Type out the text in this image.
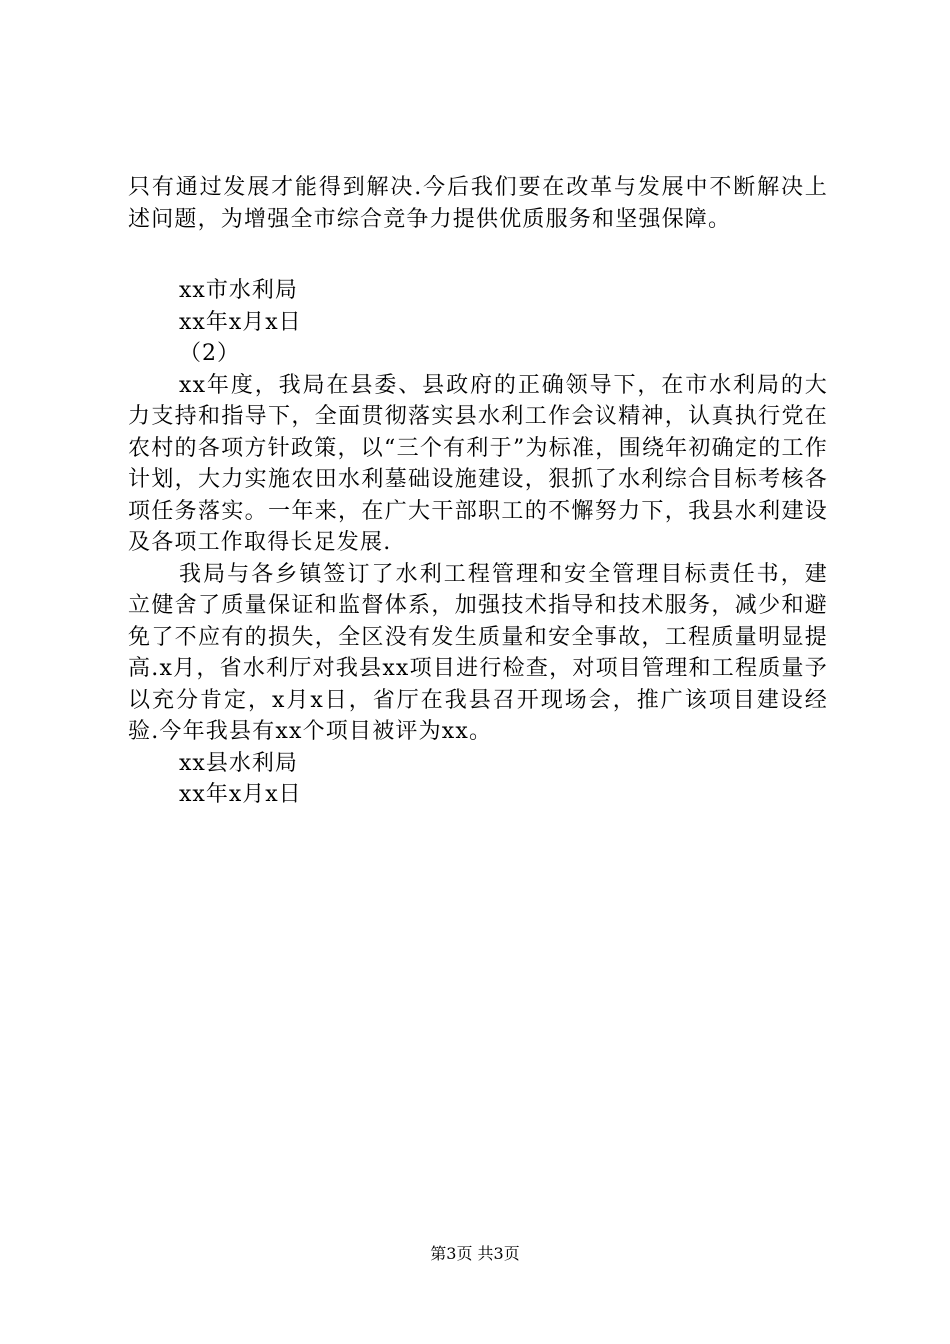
只有通过发展才能得到解决.今后我们要在改革与发展中不断解决上述问题，为增强全市综合竞争力提供优质服务和坚强保障。

xx市水利局

xx年x月x日

（2）

xx年度，我局在县委、县政府的正确领导下，在市水利局的大力支持和指导下，全面贯彻落实县水利工作会议精神，认真执行党在农村的各项方针政策，以“三个有利于”为标准，围绕年初确定的工作计划，大力实施农田水利墓础设施建设，狠抓了水利综合目标考核各项任务落实。一年来，在广大干部职工的不懈努力下，我县水利建设及各项工作取得长足发展.

我局与各乡镇签订了水利工程管理和安全管理目标责任书，建立健舍了质量保证和监督体系，加强技术指导和技术服务，减少和避免了不应有的损失，全区没有发生质量和安全事故，工程质量明显提高.x月，省水利厅对我县xx项目进行检查，对项目管理和工程质量予以充分肯定，x月x日，省厅在我县召开现场会，推广该项目建设经验.今年我县有xx个项目被评为xx。

xx县水利局

xx年x月x日

第3页 共3页
